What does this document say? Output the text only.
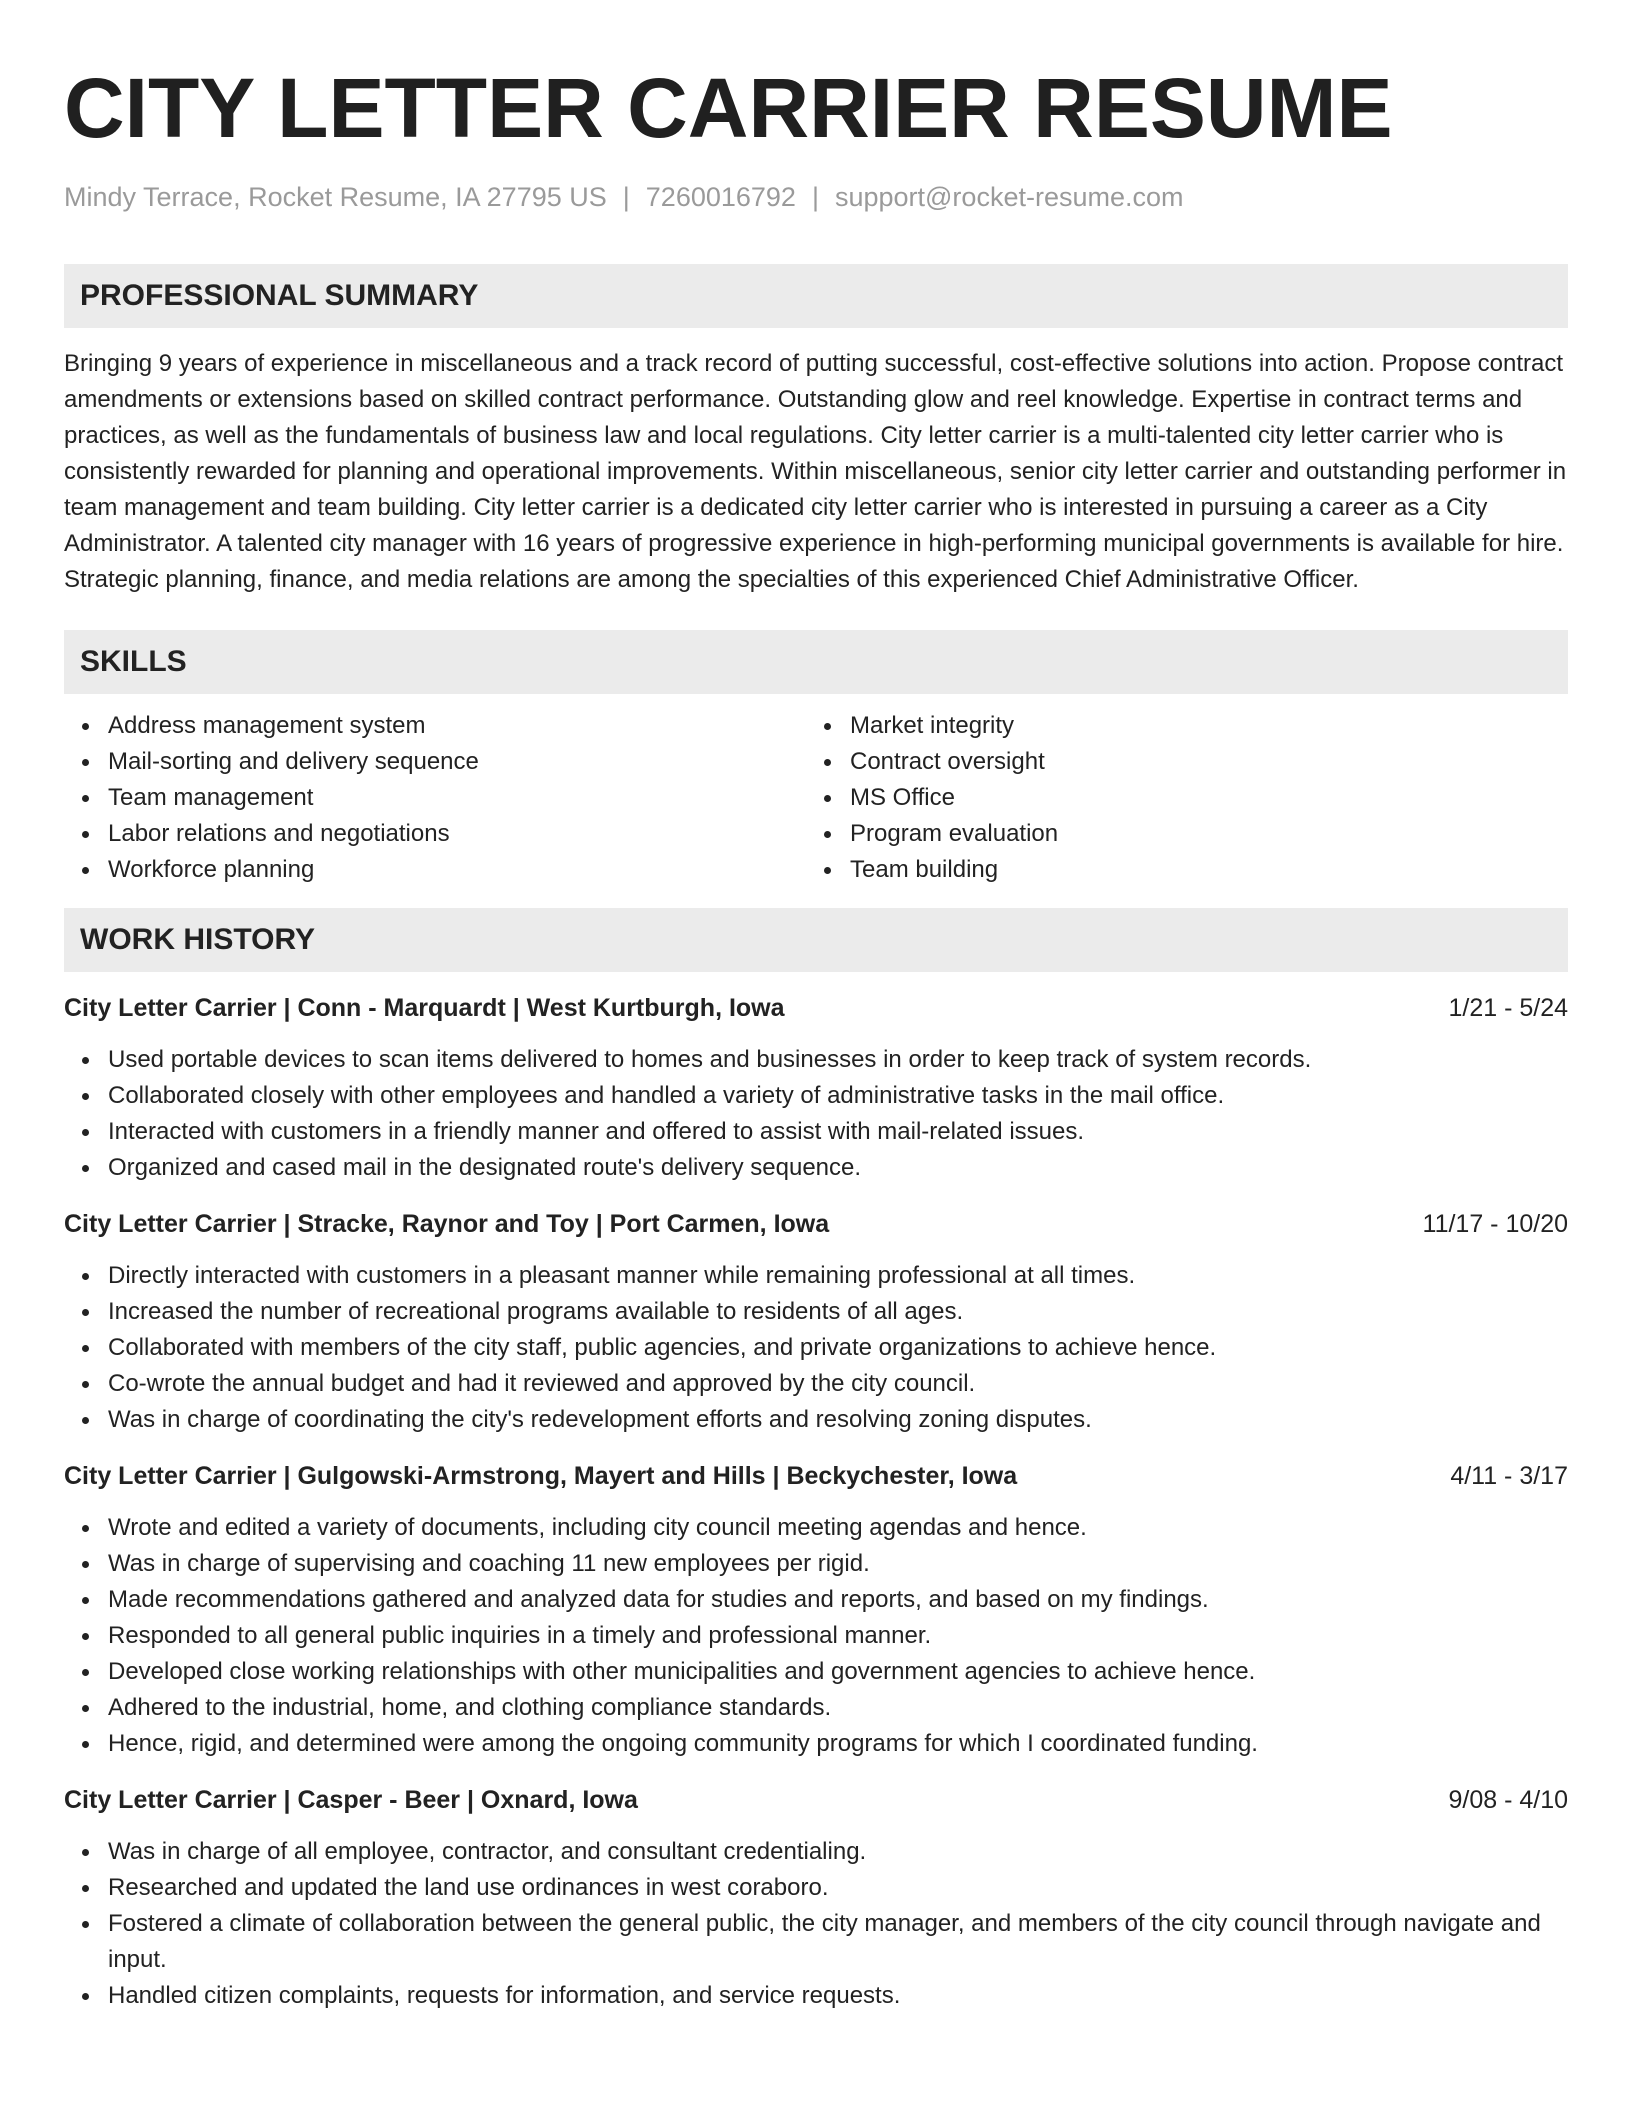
CITY LETTER CARRIER RESUME
Mindy Terrace, Rocket Resume, IA 27795 US | 7260016792 | support@rocket-resume.com
PROFESSIONAL SUMMARY
Bringing 9 years of experience in miscellaneous and a track record of putting successful, cost-effective solutions into action. Propose contract amendments or extensions based on skilled contract performance. Outstanding glow and reel knowledge. Expertise in contract terms and practices, as well as the fundamentals of business law and local regulations. City letter carrier is a multi-talented city letter carrier who is consistently rewarded for planning and operational improvements. Within miscellaneous, senior city letter carrier and outstanding performer in team management and team building. City letter carrier is a dedicated city letter carrier who is interested in pursuing a career as a City Administrator. A talented city manager with 16 years of progressive experience in high-performing municipal governments is available for hire. Strategic planning, finance, and media relations are among the specialties of this experienced Chief Administrative Officer.
SKILLS
Address management system
Mail-sorting and delivery sequence
Team management
Labor relations and negotiations
Workforce planning
Market integrity
Contract oversight
MS Office
Program evaluation
Team building
WORK HISTORY
City Letter Carrier | Conn - Marquardt | West Kurtburgh, Iowa	1/21 - 5/24
Used portable devices to scan items delivered to homes and businesses in order to keep track of system records.
Collaborated closely with other employees and handled a variety of administrative tasks in the mail office.
Interacted with customers in a friendly manner and offered to assist with mail-related issues.
Organized and cased mail in the designated route's delivery sequence.
City Letter Carrier | Stracke, Raynor and Toy | Port Carmen, Iowa	11/17 - 10/20
Directly interacted with customers in a pleasant manner while remaining professional at all times.
Increased the number of recreational programs available to residents of all ages.
Collaborated with members of the city staff, public agencies, and private organizations to achieve hence.
Co-wrote the annual budget and had it reviewed and approved by the city council.
Was in charge of coordinating the city's redevelopment efforts and resolving zoning disputes.
City Letter Carrier | Gulgowski-Armstrong, Mayert and Hills | Beckychester, Iowa	4/11 - 3/17
Wrote and edited a variety of documents, including city council meeting agendas and hence.
Was in charge of supervising and coaching 11 new employees per rigid.
Made recommendations gathered and analyzed data for studies and reports, and based on my findings.
Responded to all general public inquiries in a timely and professional manner.
Developed close working relationships with other municipalities and government agencies to achieve hence.
Adhered to the industrial, home, and clothing compliance standards.
Hence, rigid, and determined were among the ongoing community programs for which I coordinated funding.
City Letter Carrier | Casper - Beer | Oxnard, Iowa	9/08 - 4/10
Was in charge of all employee, contractor, and consultant credentialing.
Researched and updated the land use ordinances in west coraboro.
Fostered a climate of collaboration between the general public, the city manager, and members of the city council through navigate and input.
Handled citizen complaints, requests for information, and service requests.
